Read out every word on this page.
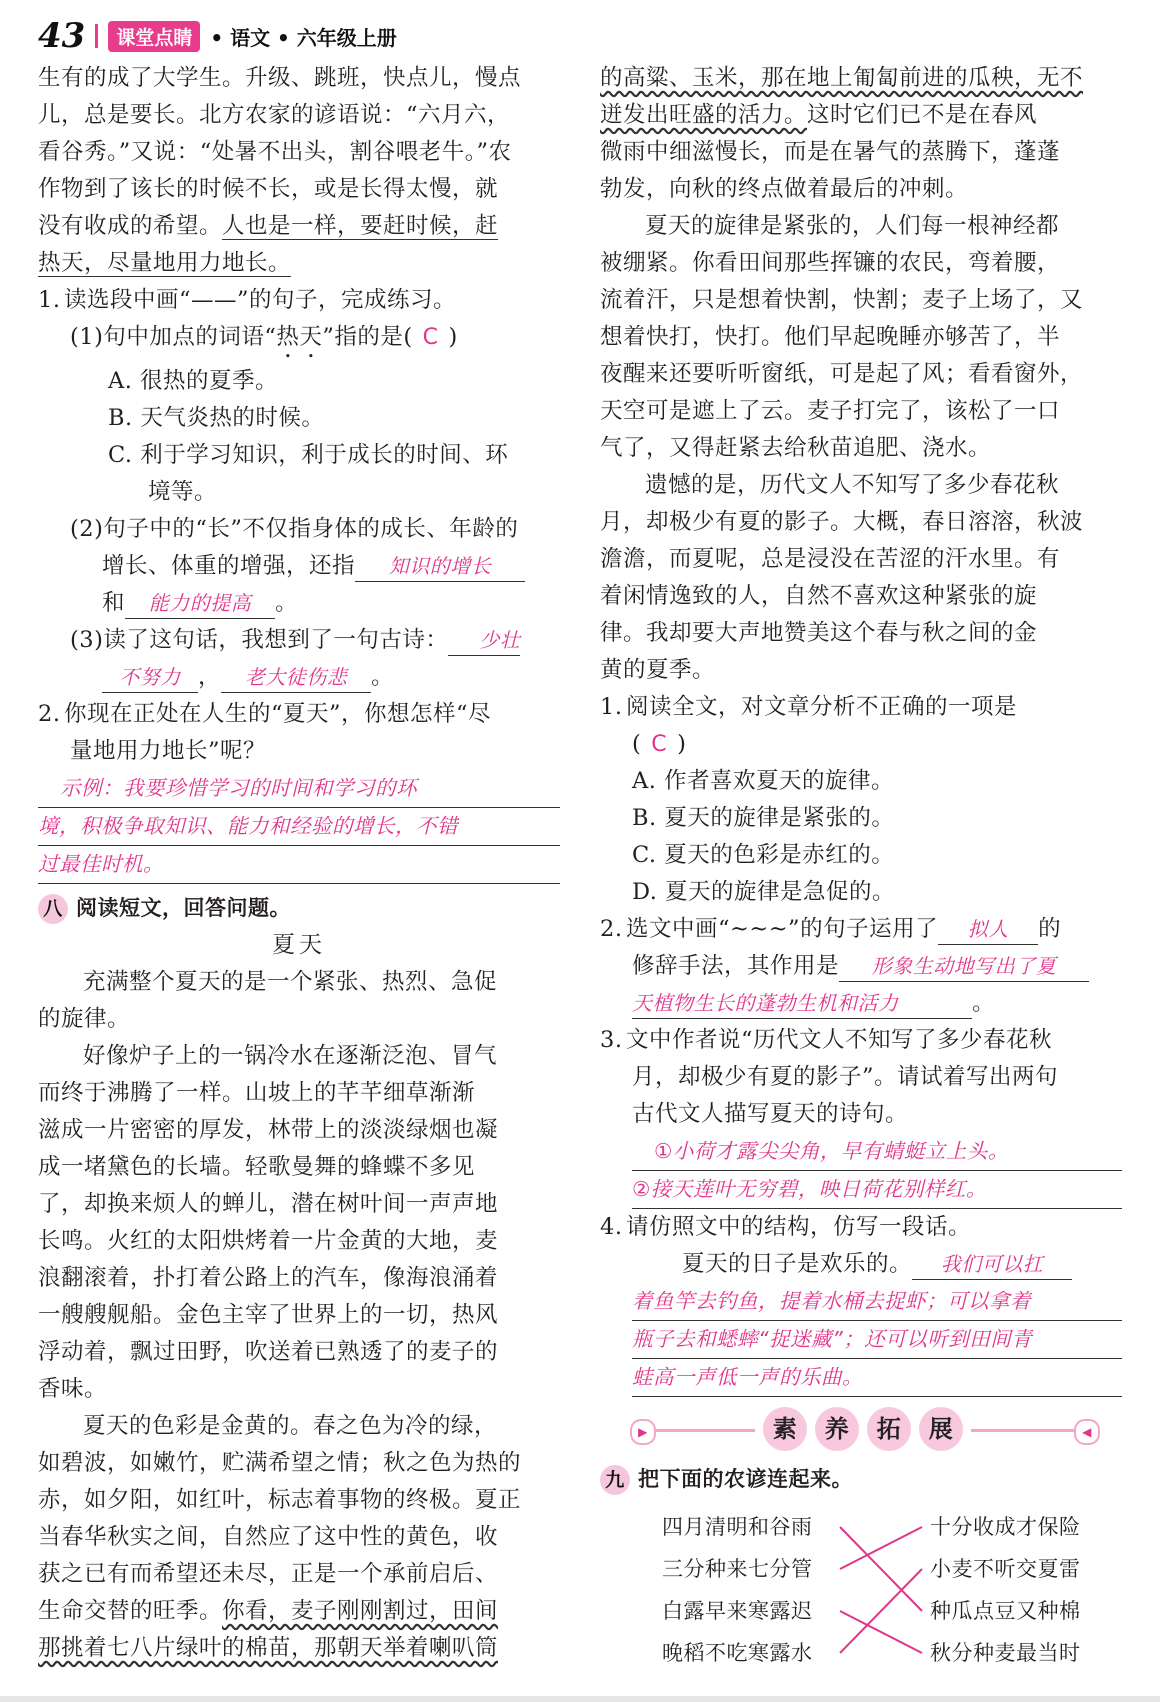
43	课堂点睛 • 语文 • 六年级上册

生有的成了大学生。升级、跳班，快点儿，慢点

儿，总是要长。北方农家的谚语说：“六月六，

看谷秀。”又说：“处暑不出头，割谷喂老牛。”农

作物到了该长的时候不长，或是长得太慢，就

没有收成的希望。人也是一样，要赶时候，赶

热天，尽量地用力地长。

1. 读选段中画“——”的句子，完成练习。

(1)句中加点的词语“热天”指的是( C )

A. 很热的夏季。

B. 天气炎热的时候。

C. 利于学习知识，利于成长的时间、环

境等。

(2)句子中的“长”不仅指身体的成长、年龄的

增长、体重的增强，还指 知识的增长

和 能力的提高 。

(3)读了这句话，我想到了一句古诗： 少壮

不努力 ， 老大徒伤悲 。

2. 你现在正处在人生的“夏天”，你想怎样“尽

量地用力地长”呢？

示例：我要珍惜学习的时间和学习的环
境，积极争取知识、能力和经验的增长，不错
过最佳时机。
八 阅读短文，回答问题。

夏天

充满整个夏天的是一个紧张、热烈、急促

的旋律。

好像炉子上的一锅冷水在逐渐泛泡、冒气

而终于沸腾了一样。山坡上的芊芊细草渐渐

滋成一片密密的厚发，林带上的淡淡绿烟也凝

成一堵黛色的长墙。轻歌曼舞的蜂蝶不多见

了，却换来烦人的蝉儿，潜在树叶间一声声地

长鸣。火红的太阳烘烤着一片金黄的大地，麦

浪翻滚着，扑打着公路上的汽车，像海浪涌着

一艘艘舰船。金色主宰了世界上的一切，热风

浮动着，飘过田野，吹送着已熟透了的麦子的

香味。

夏天的色彩是金黄的。春之色为冷的绿，

如碧波，如嫩竹，贮满希望之情；秋之色为热的

赤，如夕阳，如红叶，标志着事物的终极。夏正

当春华秋实之间，自然应了这中性的黄色，收

获之已有而希望还未尽，正是一个承前启后、

生命交替的旺季。你看，麦子刚刚割过，田间

那挑着七八片绿叶的棉苗，那朝天举着喇叭筒

的高粱、玉米，那在地上匍匐前进的瓜秧，无不

迸发出旺盛的活力。这时它们已不是在春风

微雨中细滋慢长，而是在暑气的蒸腾下，蓬蓬

勃发，向秋的终点做着最后的冲刺。

夏天的旋律是紧张的，人们每一根神经都

被绷紧。你看田间那些挥镰的农民，弯着腰，

流着汗，只是想着快割，快割；麦子上场了，又

想着快打，快打。他们早起晚睡亦够苦了，半

夜醒来还要听听窗纸，可是起了风；看看窗外，

天空可是遮上了云。麦子打完了，该松了一口

气了，又得赶紧去给秋苗追肥、浇水。

遗憾的是，历代文人不知写了多少春花秋

月，却极少有夏的影子。大概，春日溶溶，秋波

澹澹，而夏呢，总是浸没在苦涩的汗水里。有

着闲情逸致的人，自然不喜欢这种紧张的旋

律。我却要大声地赞美这个春与秋之间的金

黄的夏季。

1. 阅读全文，对文章分析不正确的一项是

( C )

A. 作者喜欢夏天的旋律。

B. 夏天的旋律是紧张的。

C. 夏天的色彩是赤红的。

D. 夏天的旋律是急促的。

2. 选文中画“~~~”的句子运用了 拟人 的

修辞手法，其作用是 形象生动地写出了夏

天植物生长的蓬勃生机和活力	。

3. 文中作者说“历代文人不知写了多少春花秋

月，却极少有夏的影子”。请试着写出两句

古代文人描写夏天的诗句。

①小荷才露尖尖角，早有蜻蜓立上头。
②接天莲叶无穷碧，映日荷花别样红。

4. 请仿照文中的结构，仿写一段话。

夏天的日子是欢乐的。 我们可以扛

着鱼竿去钓鱼，提着水桶去捉虾；可以拿着
瓶子去和蟋蟀“捉迷藏”；还可以听到田间青
蛙高一声低一声的乐曲。
▶	◀
素	养	拓	展
九 把下面的农谚连起来。
四月清明和谷雨
三分种来七分管
白露早来寒露迟
晚稻不吃寒露水
十分收成才保险
小麦不听交夏雷
种瓜点豆又种棉
秋分种麦最当时
